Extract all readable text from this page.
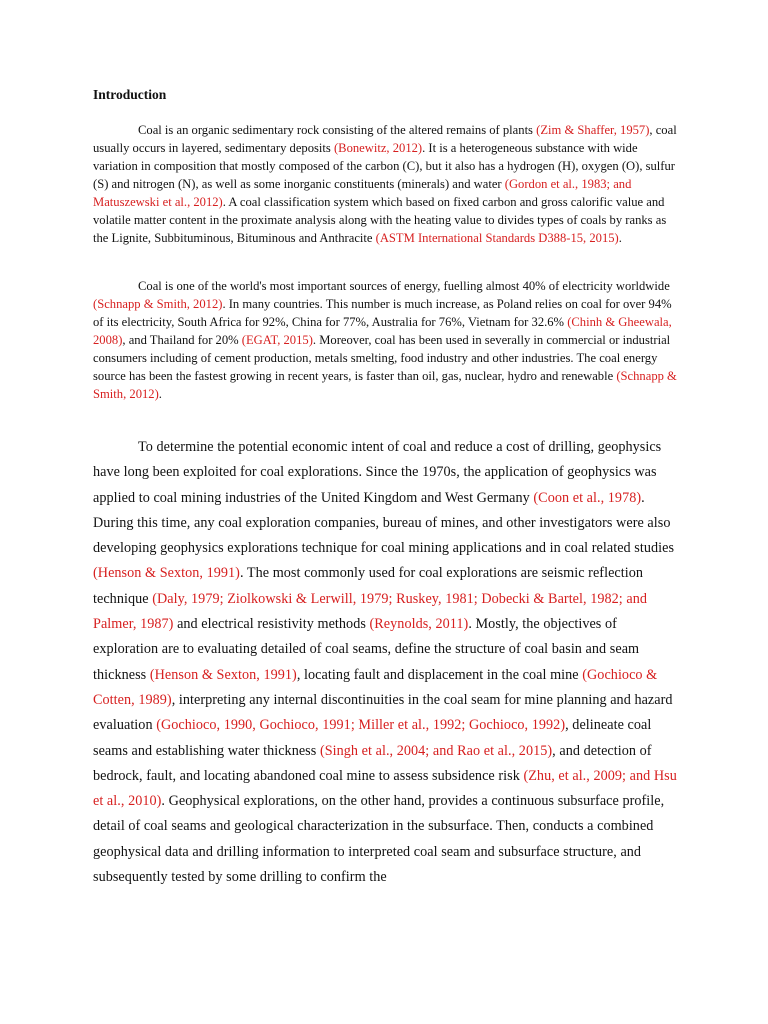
Introduction

Coal is an organic sedimentary rock consisting of the altered remains of plants (Zim & Shaffer, 1957), coal usually occurs in layered, sedimentary deposits (Bonewitz, 2012). It is a heterogeneous substance with wide variation in composition that mostly composed of the carbon (C), but it also has a hydrogen (H), oxygen (O), sulfur (S) and nitrogen (N), as well as some inorganic constituents (minerals) and water (Gordon et al., 1983; and Matuszewski et al., 2012). A coal classification system which based on fixed carbon and gross calorific value and volatile matter content in the proximate analysis along with the heating value to divides types of coals by ranks as the Lignite, Subbituminous, Bituminous and Anthracite (ASTM International Standards D388-15, 2015).

Coal is one of the world's most important sources of energy, fuelling almost 40% of electricity worldwide (Schnapp & Smith, 2012). In many countries. This number is much increase, as Poland relies on coal for over 94% of its electricity, South Africa for 92%, China for 77%, Australia for 76%, Vietnam for 32.6% (Chinh & Gheewala, 2008), and Thailand for 20% (EGAT, 2015). Moreover, coal has been used in severally in commercial or industrial consumers including of cement production, metals smelting, food industry and other industries. The coal energy source has been the fastest growing in recent years, is faster than oil, gas, nuclear, hydro and renewable (Schnapp & Smith, 2012).

To determine the potential economic intent of coal and reduce a cost of drilling, geophysics have long been exploited for coal explorations. Since the 1970s, the application of geophysics was applied to coal mining industries of the United Kingdom and West Germany (Coon et al., 1978). During this time, any coal exploration companies, bureau of mines, and other investigators were also developing geophysics explorations technique for coal mining applications and in coal related studies (Henson & Sexton, 1991). The most commonly used for coal explorations are seismic reflection technique (Daly, 1979; Ziolkowski & Lerwill, 1979; Ruskey, 1981; Dobecki & Bartel, 1982; and Palmer, 1987) and electrical resistivity methods (Reynolds, 2011). Mostly, the objectives of exploration are to evaluating detailed of coal seams, define the structure of coal basin and seam thickness (Henson & Sexton, 1991), locating fault and displacement in the coal mine (Gochioco & Cotten, 1989), interpreting any internal discontinuities in the coal seam for mine planning and hazard evaluation (Gochioco, 1990, Gochioco, 1991; Miller et al., 1992; Gochioco, 1992), delineate coal seams and establishing water thickness (Singh et al., 2004; and Rao et al., 2015), and detection of bedrock, fault, and locating abandoned coal mine to assess subsidence risk (Zhu, et al., 2009; and Hsu et al., 2010). Geophysical explorations, on the other hand, provides a continuous subsurface profile, detail of coal seams and geological characterization in the subsurface. Then, conducts a combined geophysical data and drilling information to interpreted coal seam and subsurface structure, and subsequently tested by some drilling to confirm the
